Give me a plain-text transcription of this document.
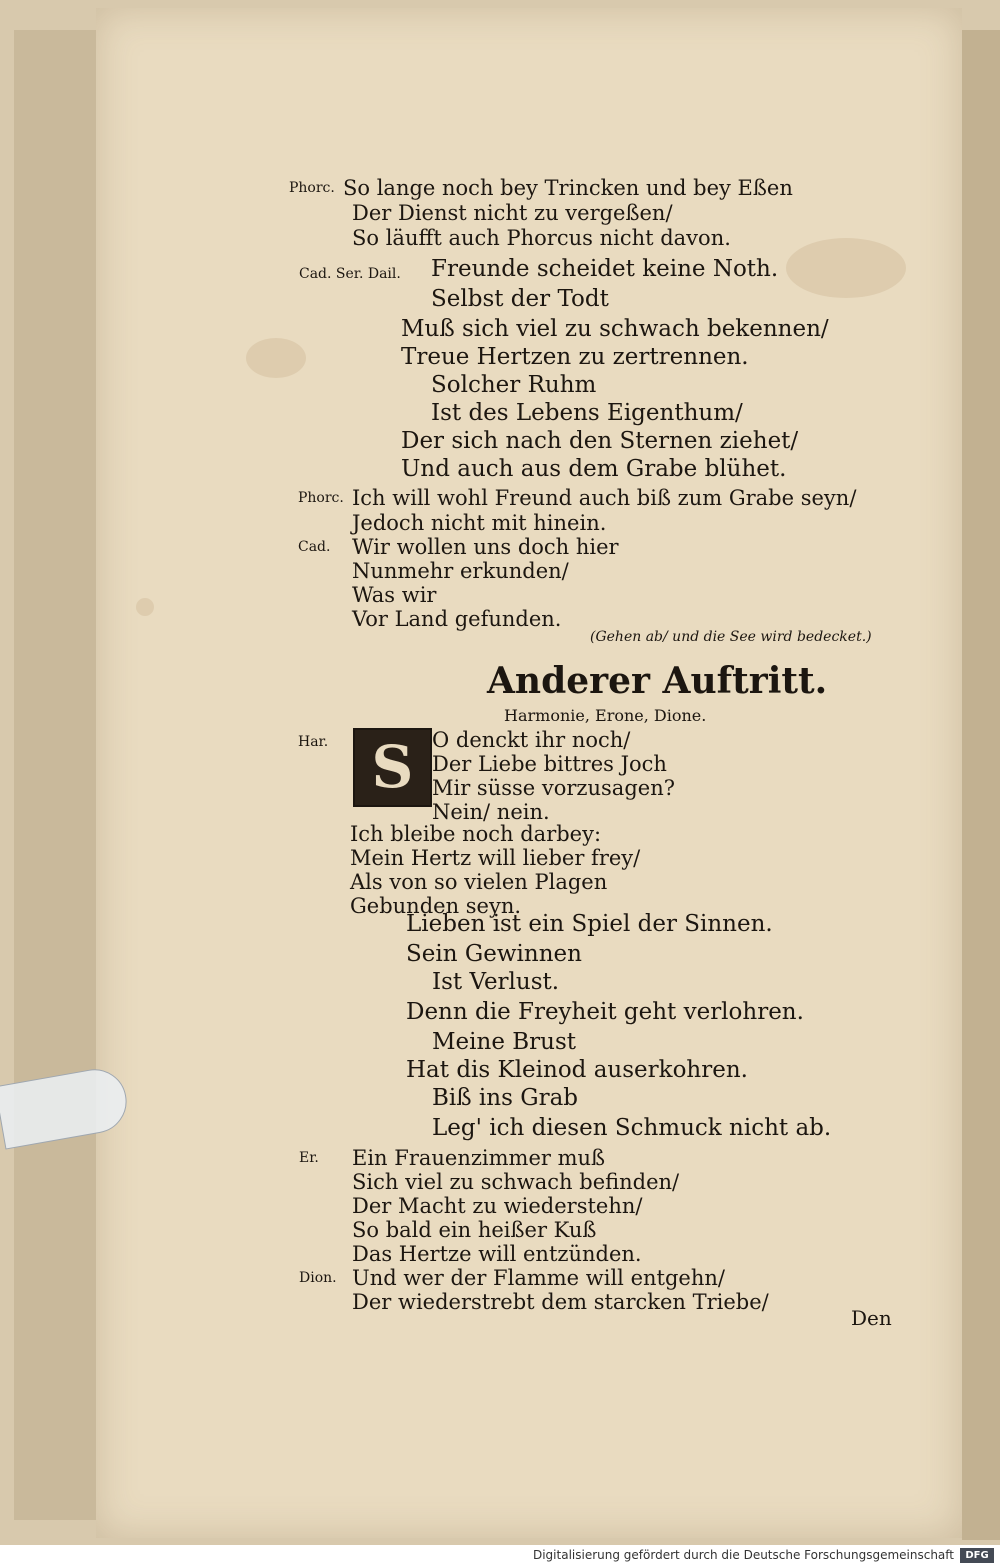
Phorc. So lange noch bey Trincken und bey Eßen
Der Dienst nicht zu vergeßen/
So läufft auch Phorcus nicht davon.
Cad. Ser. Dail. Freunde scheidet keine Noth.
Selbst der Todt
Muß sich viel zu schwach bekennen/
Treue Hertzen zu zertrennen.
Solcher Ruhm
Ist des Lebens Eigenthum/
Der sich nach den Sternen ziehet/
Und auch aus dem Grabe blühet.
Phorc. Ich will wohl Freund auch biß zum Grabe seyn/
Jedoch nicht mit hinein.
Cad. Wir wollen uns doch hier
Nunmehr erkunden/
Was wir
Vor Land gefunden.
(Gehen ab/ und die See wird bedecket.)
Anderer Auftritt.
Harmonie, Erone, Dione.
Har. S O denckt ihr noch/
Der Liebe bittres Joch
Mir süsse vorzusagen?
Nein/ nein.
Ich bleibe noch darbey:
Mein Hertz will lieber frey/
Als von so vielen Plagen
Gebunden seyn.
Lieben ist ein Spiel der Sinnen.
Sein Gewinnen
Ist Verlust.
Denn die Freyheit geht verlohren.
Meine Brust
Hat dis Kleinod auserkohren.
Biß ins Grab
Leg' ich diesen Schmuck nicht ab.
Er. Ein Frauenzimmer muß
Sich viel zu schwach befinden/
Der Macht zu wiederstehn/
So bald ein heißer Kuß
Das Hertze will entzünden.
Dion. Und wer der Flamme will entgehn/
Der wiederstrebt dem starcken Triebe/
Den
Digitalisierung gefördert durch die Deutsche Forschungsgemeinschaft	DFG
